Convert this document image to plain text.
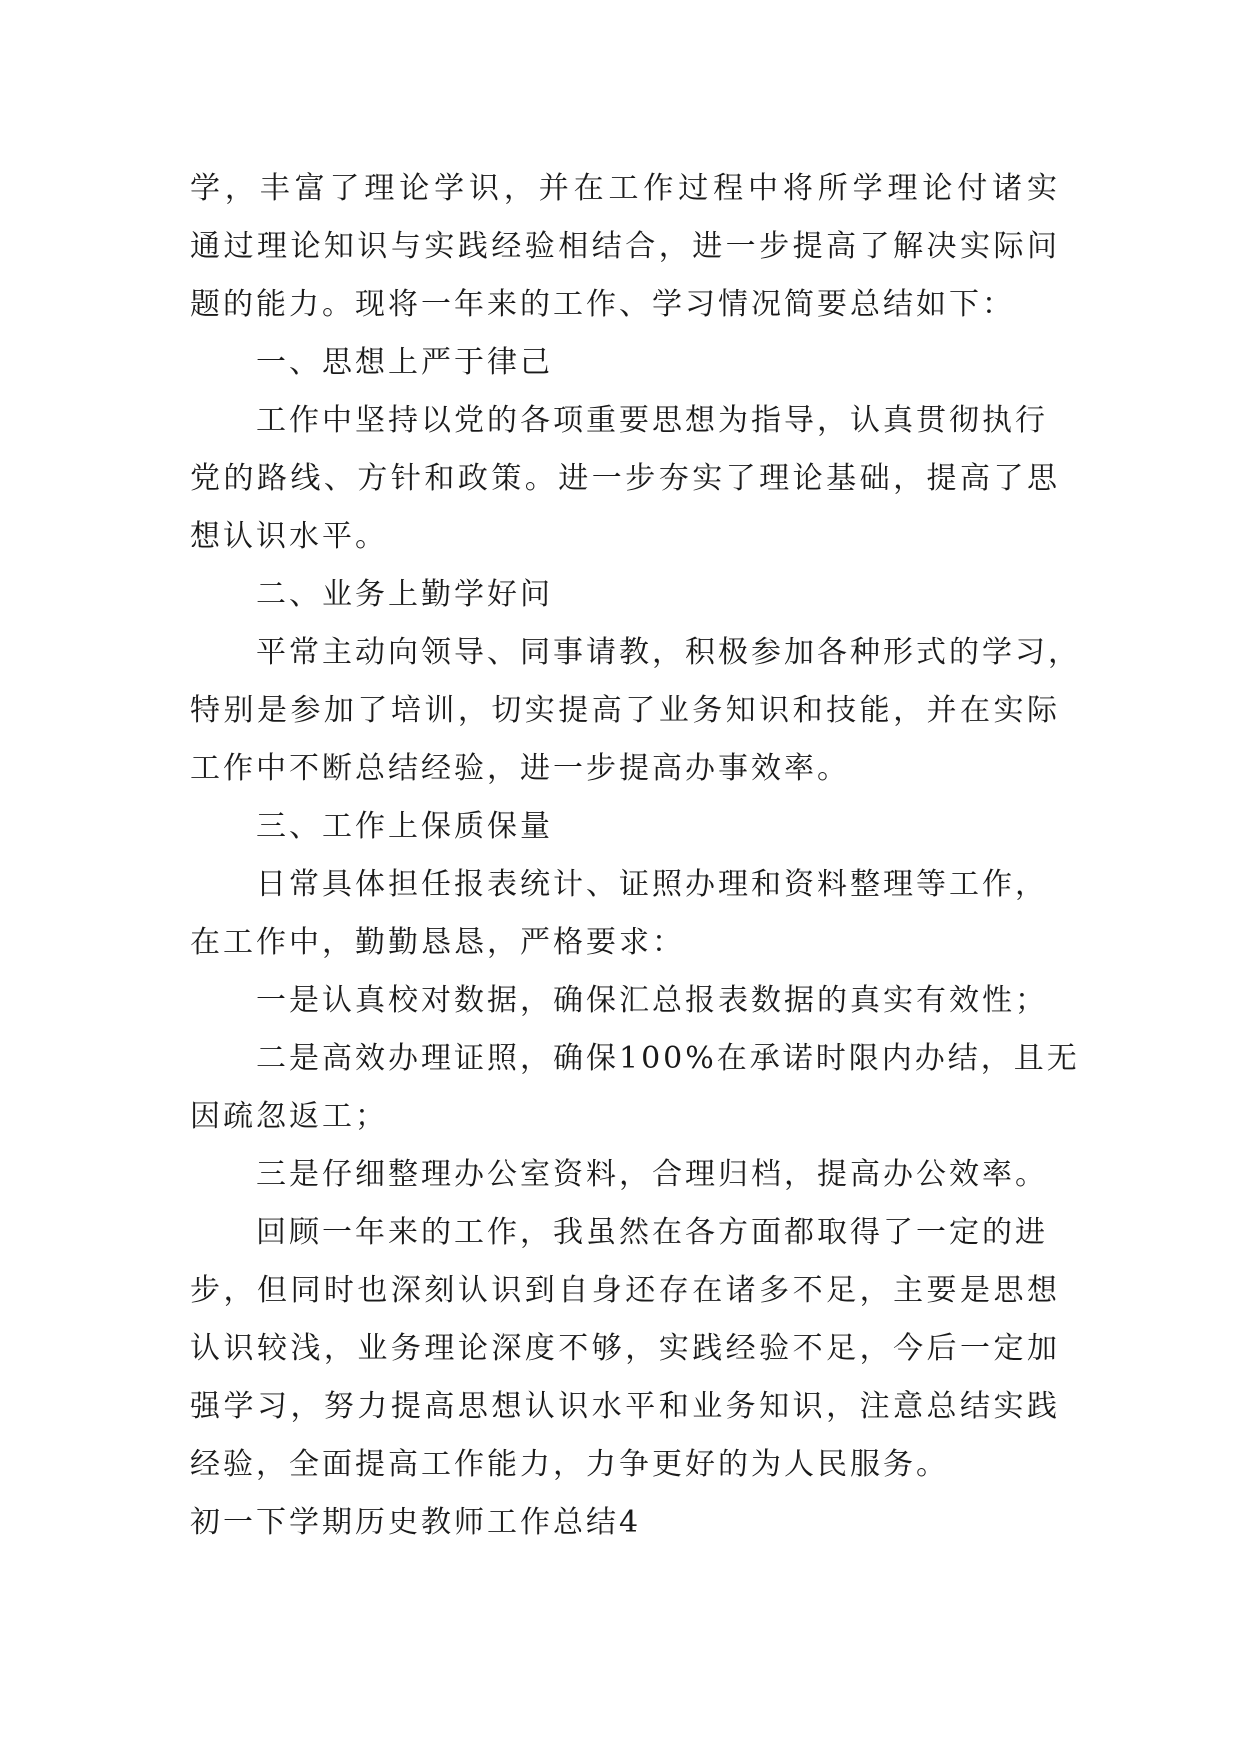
学，丰富了理论学识，并在工作过程中将所学理论付诸实
通过理论知识与实践经验相结合，进一步提高了解决实际问
题的能力。现将一年来的工作、学习情况简要总结如下：
一、思想上严于律己
工作中坚持以党的各项重要思想为指导，认真贯彻执行
党的路线、方针和政策。进一步夯实了理论基础，提高了思
想认识水平。
二、业务上勤学好问
平常主动向领导、同事请教，积极参加各种形式的学习，
特别是参加了培训，切实提高了业务知识和技能，并在实际
工作中不断总结经验，进一步提高办事效率。
三、工作上保质保量
日常具体担任报表统计、证照办理和资料整理等工作，
在工作中，勤勤恳恳，严格要求：
一是认真校对数据，确保汇总报表数据的真实有效性；
二是高效办理证照，确保100%在承诺时限内办结，且无
因疏忽返工；
三是仔细整理办公室资料，合理归档，提高办公效率。
回顾一年来的工作，我虽然在各方面都取得了一定的进
步，但同时也深刻认识到自身还存在诸多不足，主要是思想
认识较浅，业务理论深度不够，实践经验不足，今后一定加
强学习，努力提高思想认识水平和业务知识，注意总结实践
经验，全面提高工作能力，力争更好的为人民服务。
初一下学期历史教师工作总结4
